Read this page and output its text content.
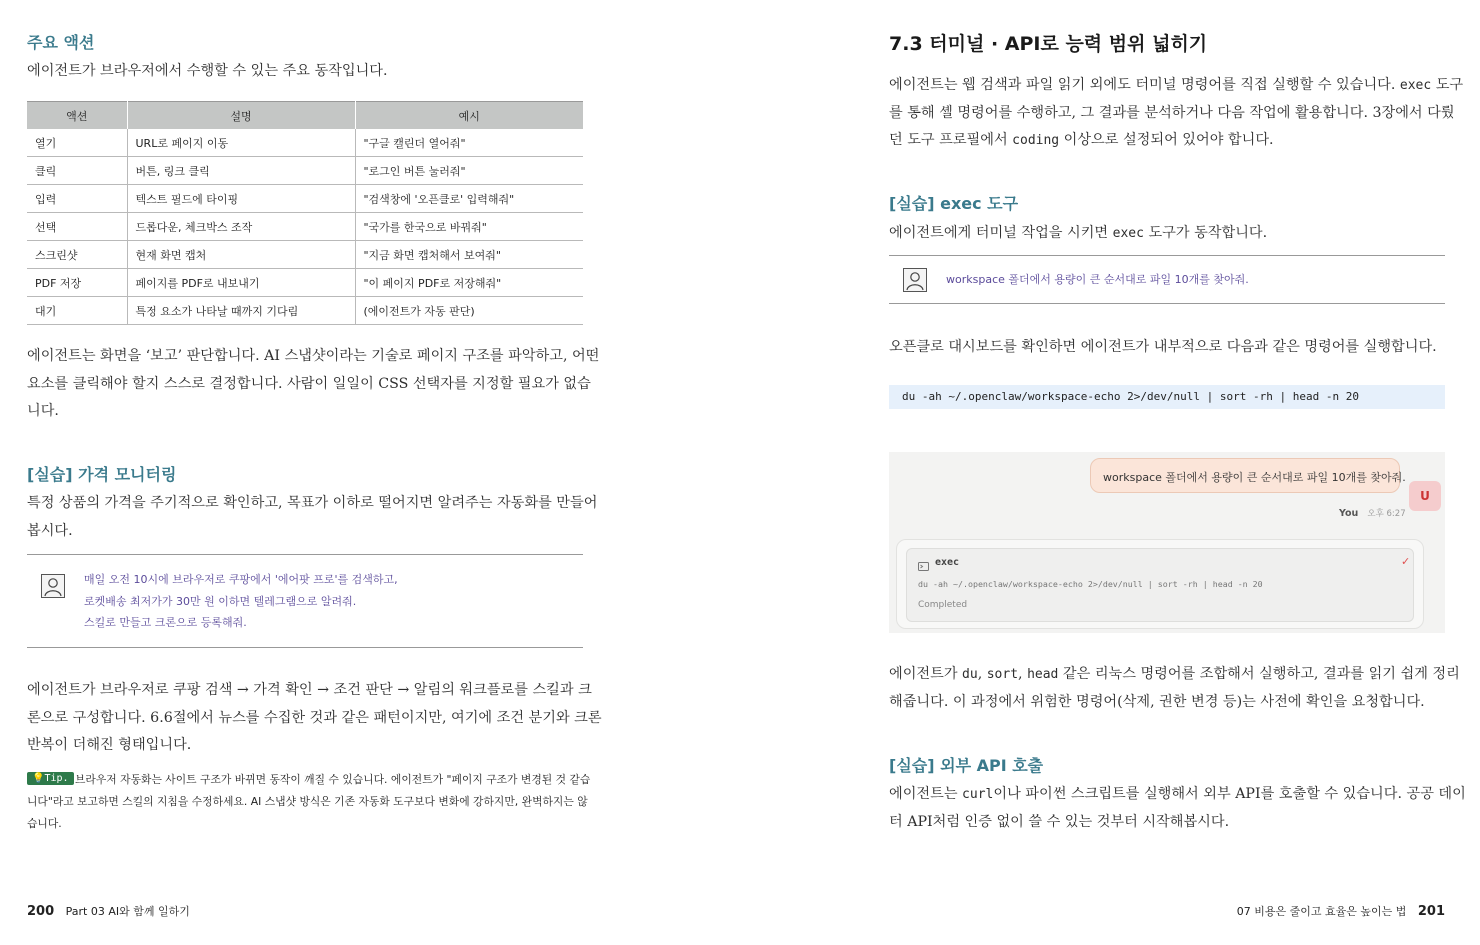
주요 액션

에이전트가 브라우저에서 수행할 수 있는 주요 동작입니다.

액션	설명	예시
열기	URL로 페이지 이동	"구글 캘린더 열어줘"
클릭	버튼, 링크 클릭	"로그인 버튼 눌러줘"
입력	텍스트 필드에 타이핑	"검색창에 '오픈클로' 입력해줘"
선택	드롭다운, 체크박스 조작	"국가를 한국으로 바꿔줘"
스크린샷	현재 화면 캡처	"지금 화면 캡처해서 보여줘"
PDF 저장	페이지를 PDF로 내보내기	"이 페이지 PDF로 저장해줘"
대기	특정 요소가 나타날 때까지 기다림	(에이전트가 자동 판단)

에이전트는 화면을 ‘보고’ 판단합니다. AI 스냅샷이라는 기술로 페이지 구조를 파악하고, 어떤

요소를 클릭해야 할지 스스로 결정합니다. 사람이 일일이 CSS 선택자를 지정할 필요가 없습

니다.

[실습] 가격 모니터링

특정 상품의 가격을 주기적으로 확인하고, 목표가 이하로 떨어지면 알려주는 자동화를 만들어

봅시다.

매일 오전 10시에 브라우저로 쿠팡에서 '에어팟 프로'를 검색하고,
로켓배송 최저가가 30만 원 이하면 텔레그램으로 알려줘.
스킬로 만들고 크론으로 등록해줘.

에이전트가 브라우저로 쿠팡 검색 → 가격 확인 → 조건 판단 → 알림의 워크플로를 스킬과 크

론으로 구성합니다. 6.6절에서 뉴스를 수집한 것과 같은 패턴이지만, 여기에 조건 분기와 크론

반복이 더해진 형태입니다.

💡Tip. 브라우저 자동화는 사이트 구조가 바뀌면 동작이 깨질 수 있습니다. 에이전트가 "페이지 구조가 변경된 것 같습
니다"라고 보고하면 스킬의 지침을 수정하세요. AI 스냅샷 방식은 기존 자동화 도구보다 변화에 강하지만, 완벽하지는 않
습니다.
200 Part 03 AI와 함께 일하기
7.3 터미널 · API로 능력 범위 넓히기

에이전트는 웹 검색과 파일 읽기 외에도 터미널 명령어를 직접 실행할 수 있습니다. exec 도구

를 통해 셸 명령어를 수행하고, 그 결과를 분석하거나 다음 작업에 활용합니다. 3장에서 다뤘

던 도구 프로필에서 coding 이상으로 설정되어 있어야 합니다.

[실습] exec 도구

에이전트에게 터미널 작업을 시키면 exec 도구가 동작합니다.

workspace 폴더에서 용량이 큰 순서대로 파일 10개를 찾아줘.

오픈클로 대시보드를 확인하면 에이전트가 내부적으로 다음과 같은 명령어를 실행합니다.

du -ah ~/.openclaw/workspace-echo 2>/dev/null | sort -rh | head -n 20
workspace 폴더에서 용량이 큰 순서대로 파일 10개를 찾아줘.
U
You 오후 6:27
exec	✓
du -ah ~/.openclaw/workspace-echo 2>/dev/null | sort -rh | head -n 20
Completed

에이전트가 du, sort, head 같은 리눅스 명령어를 조합해서 실행하고, 결과를 읽기 쉽게 정리

해줍니다. 이 과정에서 위험한 명령어(삭제, 권한 변경 등)는 사전에 확인을 요청합니다.

[실습] 외부 API 호출

에이전트는 curl이나 파이썬 스크립트를 실행해서 외부 API를 호출할 수 있습니다. 공공 데이

터 API처럼 인증 없이 쓸 수 있는 것부터 시작해봅시다.

07 비용은 줄이고 효율은 높이는 법 201
